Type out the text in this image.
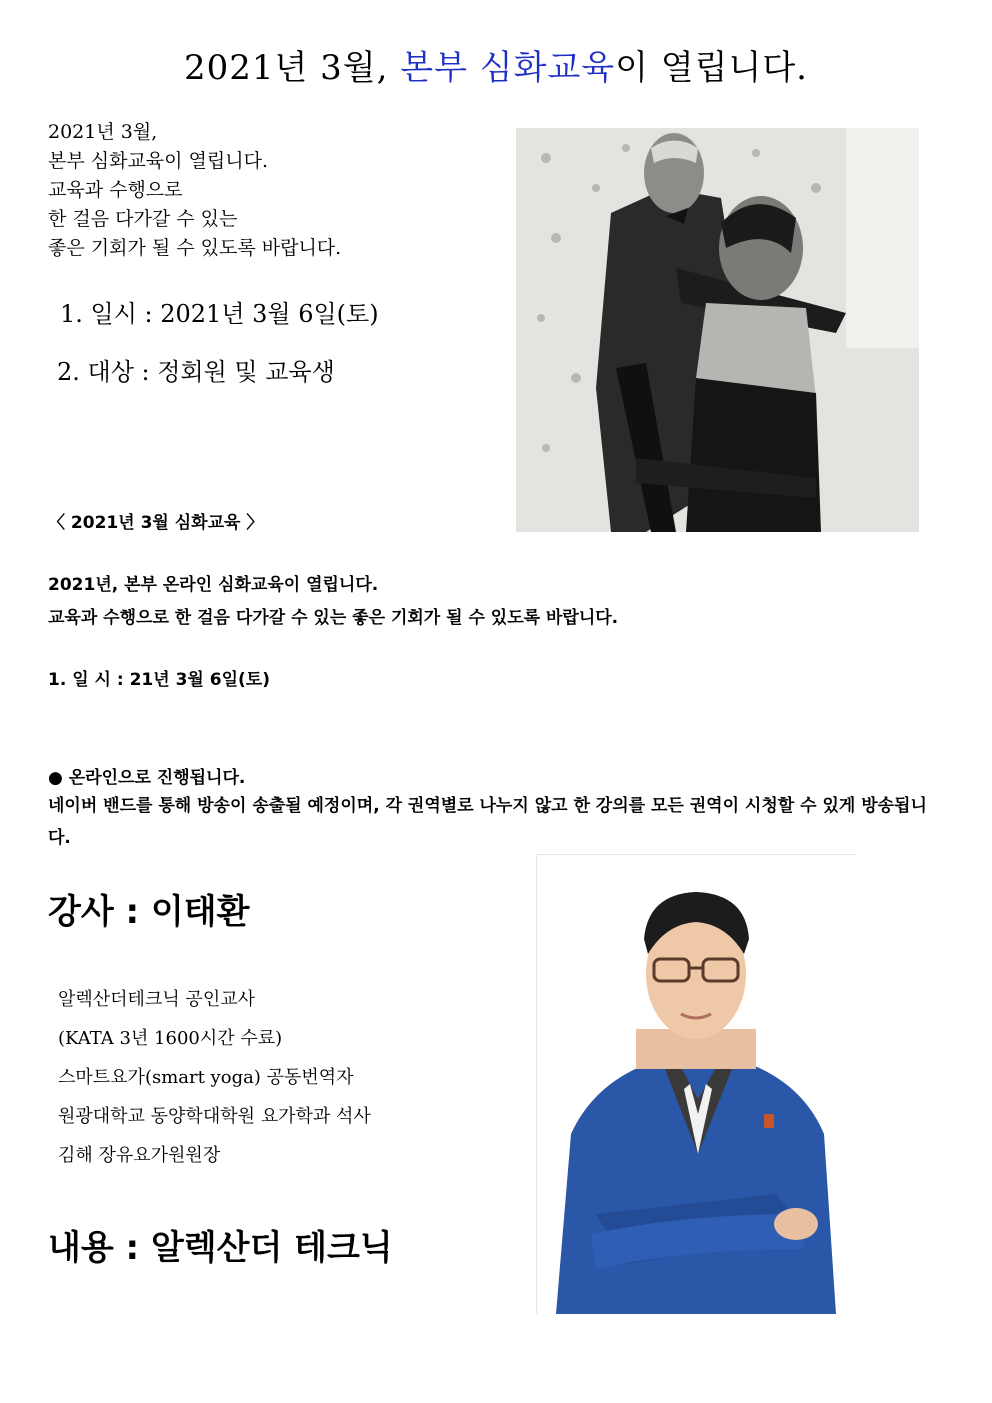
2021년 3월, 본부 심화교육이 열립니다.
2021년 3월,
본부 심화교육이 열립니다.
교육과 수행으로
한 걸음 다가갈 수 있는
좋은 기회가 될 수 있도록 바랍니다.
1. 일시 : 2021년 3월 6일(토)
2. 대상 : 정회원 및 교육생
〈 2021년 3월 심화교육 〉
2021년, 본부 온라인 심화교육이 열립니다.
교육과 수행으로 한 걸음 다가갈 수 있는 좋은 기회가 될 수 있도록 바랍니다.
1. 일 시 : 21년 3월 6일(토)
● 온라인으로 진행됩니다.
네이버 밴드를 통해 방송이 송출될 예정이며, 각 권역별로 나누지 않고 한 강의를 모든 권역이 시청할 수 있게 방송됩니다.
강사 : 이태환
알렉산더테크닉 공인교사
(KATA 3년 1600시간 수료)
스마트요가(smart yoga) 공동번역자
원광대학교 동양학대학원 요가학과 석사
김해 장유요가원원장
내용 : 알렉산더 테크닉
